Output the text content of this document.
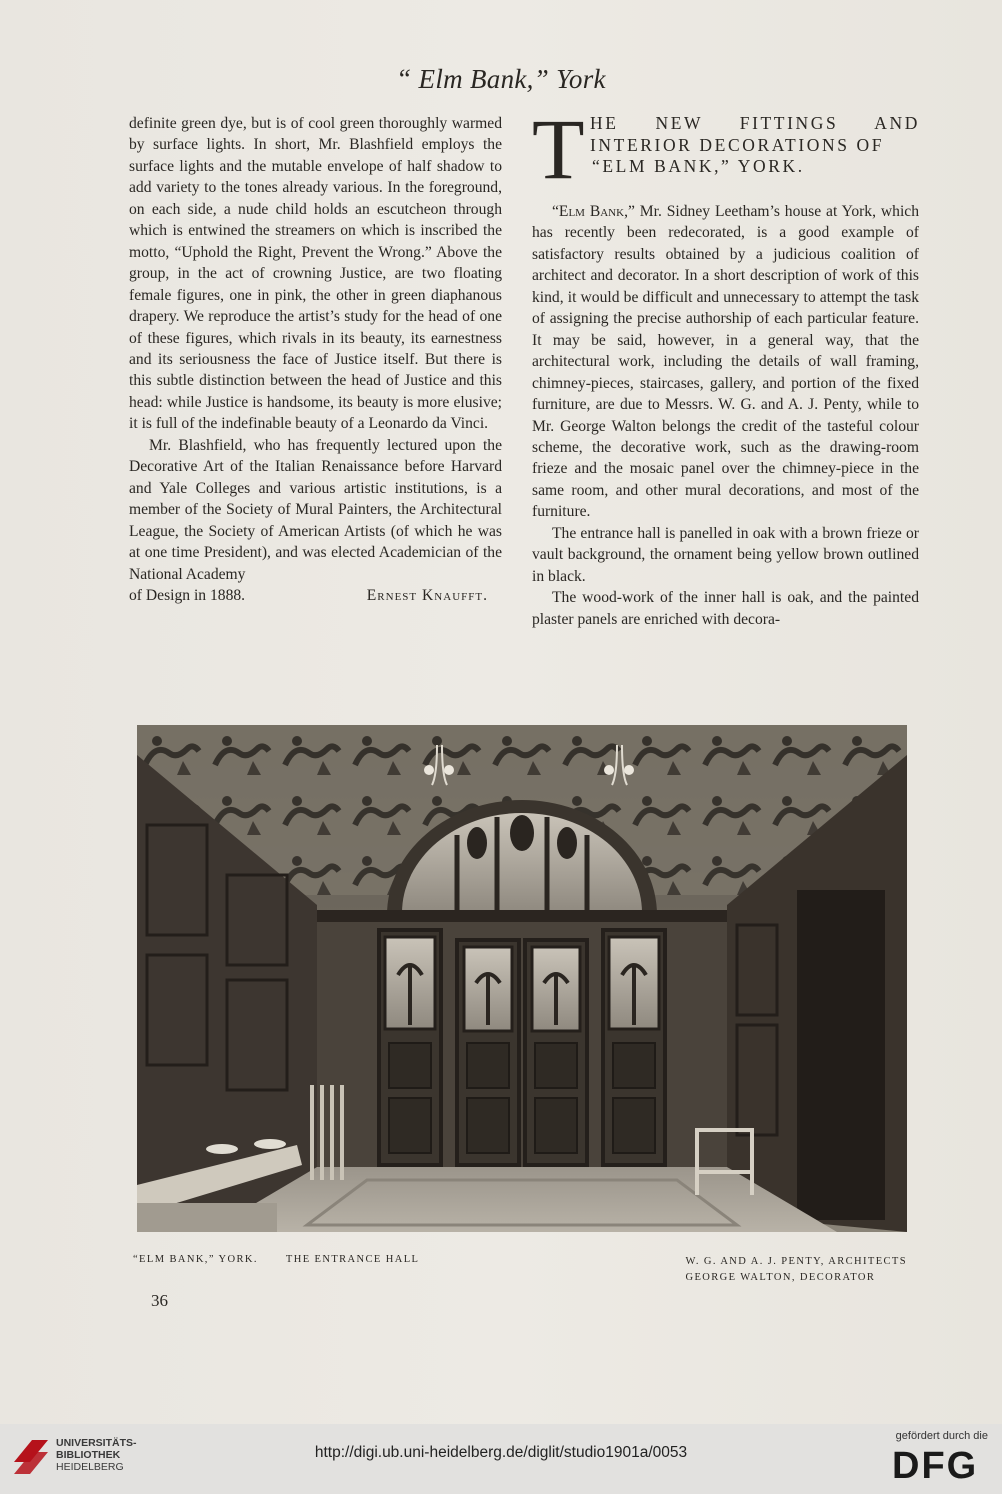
“ Elm Bank,” York

definite green dye, but is of cool green thoroughly warmed by surface lights. In short, Mr. Blashfield employs the surface lights and the mutable envelope of half shadow to add variety to the tones already various. In the foreground, on each side, a nude child holds an escutcheon through which is entwined the streamers on which is inscribed the motto, “Uphold the Right, Prevent the Wrong.” Above the group, in the act of crowning Justice, are two floating female figures, one in pink, the other in green diaphanous drapery. We reproduce the artist’s study for the head of one of these figures, which rivals in its beauty, its earnestness and its seriousness the face of Justice itself. But there is this subtle distinction between the head of Justice and this head: while Justice is handsome, its beauty is more elusive; it is full of the indefinable beauty of a Leonardo da Vinci.

Mr. Blashfield, who has frequently lectured upon the Decorative Art of the Italian Renaissance before Harvard and Yale Colleges and various artistic institutions, is a member of the Society of Mural Painters, the Architectural League, the Society of American Artists (of which he was at one time President), and was elected Academician of the National Academy

of Design in 1888.	Ernest Knaufft.

T HE NEW FITTINGS AND
INTERIOR DECORATIONS OF
“ELM BANK,” YORK.

“Elm Bank,” Mr. Sidney Leetham’s house at York, which has recently been redecorated, is a good example of satisfactory results obtained by a judicious coalition of architect and decorator. In a short description of work of this kind, it would be difficult and unnecessary to attempt the task of assigning the precise authorship of each particular feature. It may be said, however, in a general way, that the architectural work, including the details of wall framing, chimney-pieces, staircases, gallery, and portion of the fixed furniture, are due to Messrs. W. G. and A. J. Penty, while to Mr. George Walton belongs the credit of the tasteful colour scheme, the decorative work, such as the drawing-room frieze and the mosaic panel over the chimney-piece in the same room, and other mural decorations, and most of the furniture.

The entrance hall is panelled in oak with a brown frieze or vault background, the ornament being yellow brown outlined in black.

The wood-work of the inner hall is oak, and the painted plaster panels are enriched with decora-

“ELM BANK,” YORK.	THE ENTRANCE HALL	W. G. AND A. J. PENTY, ARCHITECTS
GEORGE WALTON, DECORATOR
36
UNIVERSITÄTS-
BIBLIOTHEK
HEIDELBERG
http://digi.ub.uni-heidelberg.de/diglit/studio1901a/0053
gefördert durch die
DFG
